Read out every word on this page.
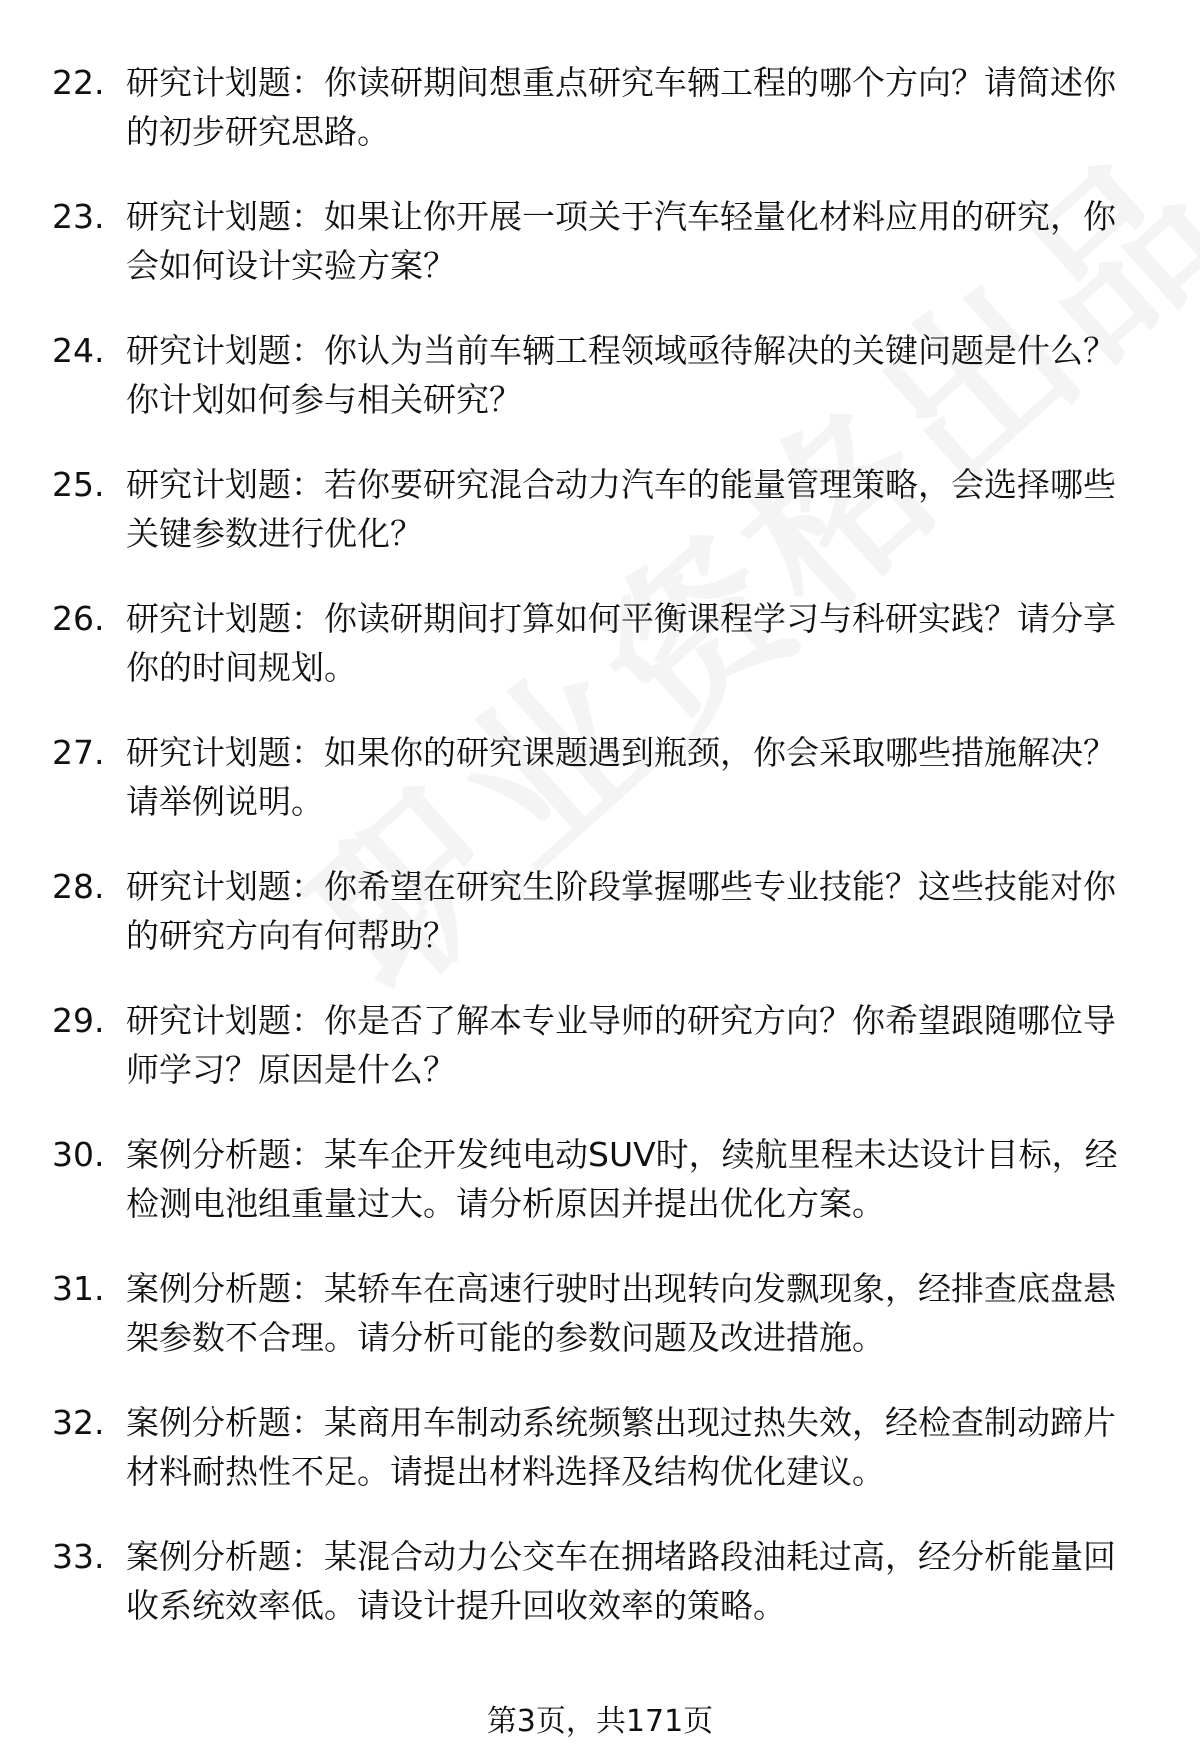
22. 研究计划题：你读研期间想重点研究车辆工程的哪个方向？请简述你的初步研究思路。
23. 研究计划题：如果让你开展一项关于汽车轻量化材料应用的研究，你会如何设计实验方案？
24. 研究计划题：你认为当前车辆工程领域亟待解决的关键问题是什么？你计划如何参与相关研究？
25. 研究计划题：若你要研究混合动力汽车的能量管理策略，会选择哪些关键参数进行优化？
26. 研究计划题：你读研期间打算如何平衡课程学习与科研实践？请分享你的时间规划。
27. 研究计划题：如果你的研究课题遇到瓶颈，你会采取哪些措施解决？请举例说明。
28. 研究计划题：你希望在研究生阶段掌握哪些专业技能？这些技能对你的研究方向有何帮助？
29. 研究计划题：你是否了解本专业导师的研究方向？你希望跟随哪位导师学习？原因是什么？
30. 案例分析题：某车企开发纯电动SUV时，续航里程未达设计目标，经检测电池组重量过大。请分析原因并提出优化方案。
31. 案例分析题：某轿车在高速行驶时出现转向发飘现象，经排查底盘悬架参数不合理。请分析可能的参数问题及改进措施。
32. 案例分析题：某商用车制动系统频繁出现过热失效，经检查制动蹄片材料耐热性不足。请提出材料选择及结构优化建议。
33. 案例分析题：某混合动力公交车在拥堵路段油耗过高，经分析能量回收系统效率低。请设计提升回收效率的策略。
第3页，共171页
